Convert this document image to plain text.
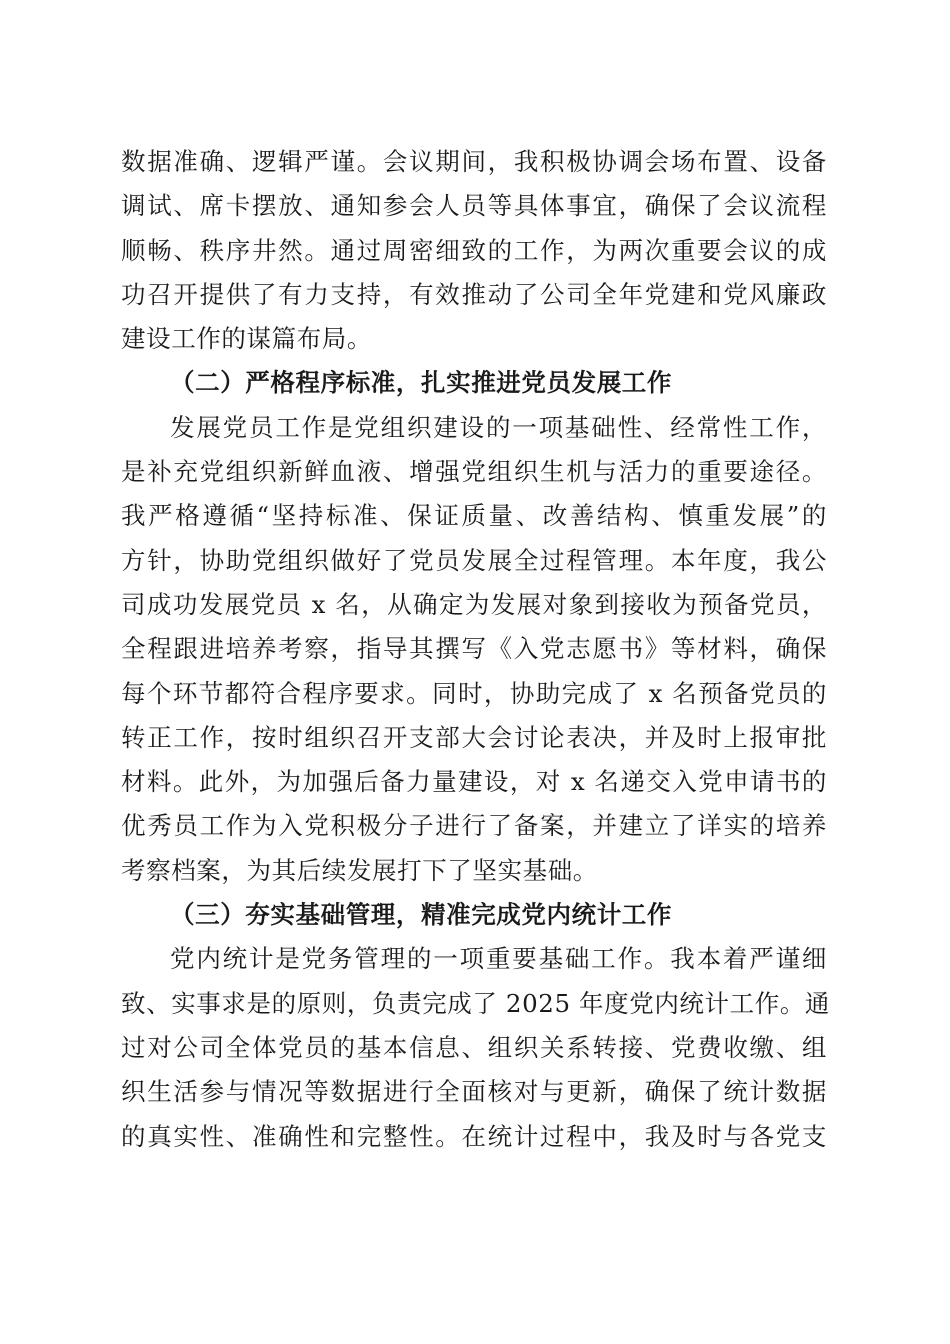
数据准确、逻辑严谨。会议期间，我积极协调会场布置、设备
调试、席卡摆放、通知参会人员等具体事宜，确保了会议流程
顺畅、秩序井然。通过周密细致的工作，为两次重要会议的成
功召开提供了有力支持，有效推动了公司全年党建和党风廉政
建设工作的谋篇布局。
（二）严格程序标准，扎实推进党员发展工作
发展党员工作是党组织建设的一项基础性、经常性工作，
是补充党组织新鲜血液、增强党组织生机与活力的重要途径。
我严格遵循“坚持标准、保证质量、改善结构、慎重发展”的
方针，协助党组织做好了党员发展全过程管理。本年度，我公
司成功发展党员 x 名，从确定为发展对象到接收为预备党员，
全程跟进培养考察，指导其撰写《入党志愿书》等材料，确保
每个环节都符合程序要求。同时，协助完成了 x 名预备党员的
转正工作，按时组织召开支部大会讨论表决，并及时上报审批
材料。此外，为加强后备力量建设，对 x 名递交入党申请书的
优秀员工作为入党积极分子进行了备案，并建立了详实的培养
考察档案，为其后续发展打下了坚实基础。
（三）夯实基础管理，精准完成党内统计工作
党内统计是党务管理的一项重要基础工作。我本着严谨细
致、实事求是的原则，负责完成了 2025 年度党内统计工作。通
过对公司全体党员的基本信息、组织关系转接、党费收缴、组
织生活参与情况等数据进行全面核对与更新，确保了统计数据
的真实性、准确性和完整性。在统计过程中，我及时与各党支
